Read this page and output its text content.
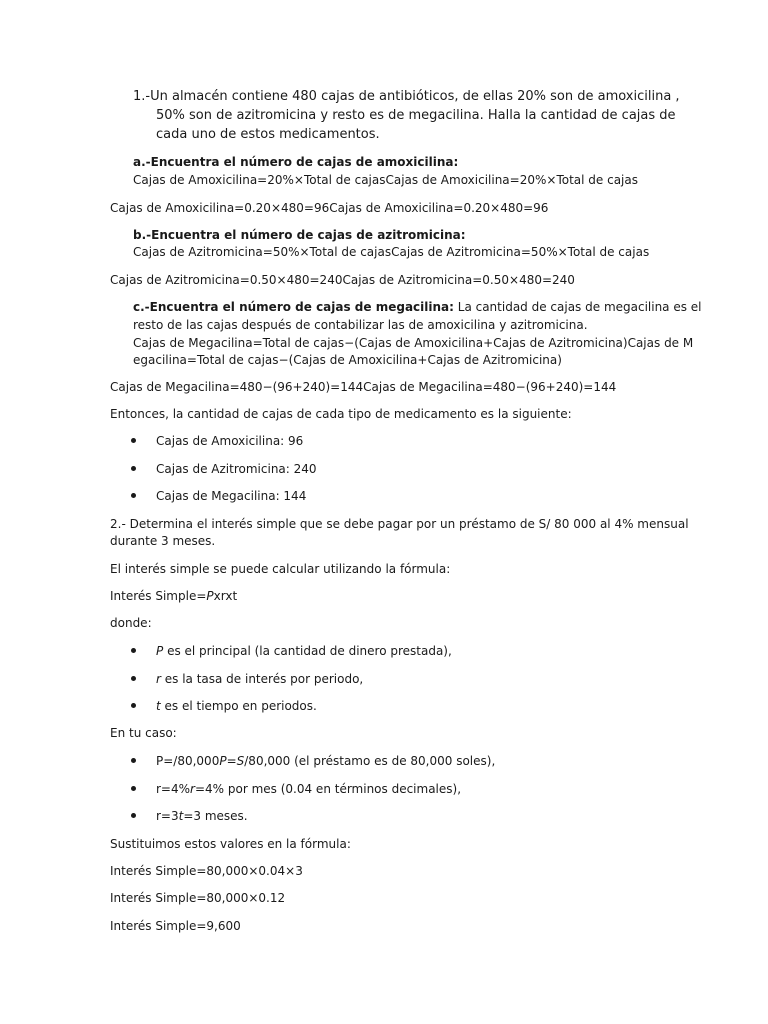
1.-Un almacén contiene 480 cajas de antibióticos, de ellas 20% son de amoxicilina ,
50% son de azitromicina y resto es de megacilina. Halla la cantidad de cajas de
cada uno de estos medicamentos.
a.-Encuentra el número de cajas de amoxicilina:
Cajas de Amoxicilina=20%×Total de cajasCajas de Amoxicilina=20%×Total de cajas
Cajas de Amoxicilina=0.20×480=96Cajas de Amoxicilina=0.20×480=96
b.-Encuentra el número de cajas de azitromicina:
Cajas de Azitromicina=50%×Total de cajasCajas de Azitromicina=50%×Total de cajas
Cajas de Azitromicina=0.50×480=240Cajas de Azitromicina=0.50×480=240
c.-Encuentra el número de cajas de megacilina: La cantidad de cajas de megacilina es el
resto de las cajas después de contabilizar las de amoxicilina y azitromicina.
Cajas de Megacilina=Total de cajas−(Cajas de Amoxicilina+Cajas de Azitromicina)Cajas de M
egacilina=Total de cajas−(Cajas de Amoxicilina+Cajas de Azitromicina)
Cajas de Megacilina=480−(96+240)=144Cajas de Megacilina=480−(96+240)=144
Entonces, la cantidad de cajas de cada tipo de medicamento es la siguiente:
Cajas de Amoxicilina: 96
Cajas de Azitromicina: 240
Cajas de Megacilina: 144
2.- Determina el interés simple que se debe pagar por un préstamo de S/ 80 000 al 4% mensual
durante 3 meses.
El interés simple se puede calcular utilizando la fórmula:
Interés Simple=Pxrxt
donde:
P es el principal (la cantidad de dinero prestada),
r es la tasa de interés por periodo,
t es el tiempo en periodos.
En tu caso:
P=/80,000P=S/80,000 (el préstamo es de 80,000 soles),
r=4%r=4% por mes (0.04 en términos decimales),
r=3t=3 meses.
Sustituimos estos valores en la fórmula:
Interés Simple=80,000×0.04×3
Interés Simple=80,000×0.12
Interés Simple=9,600
